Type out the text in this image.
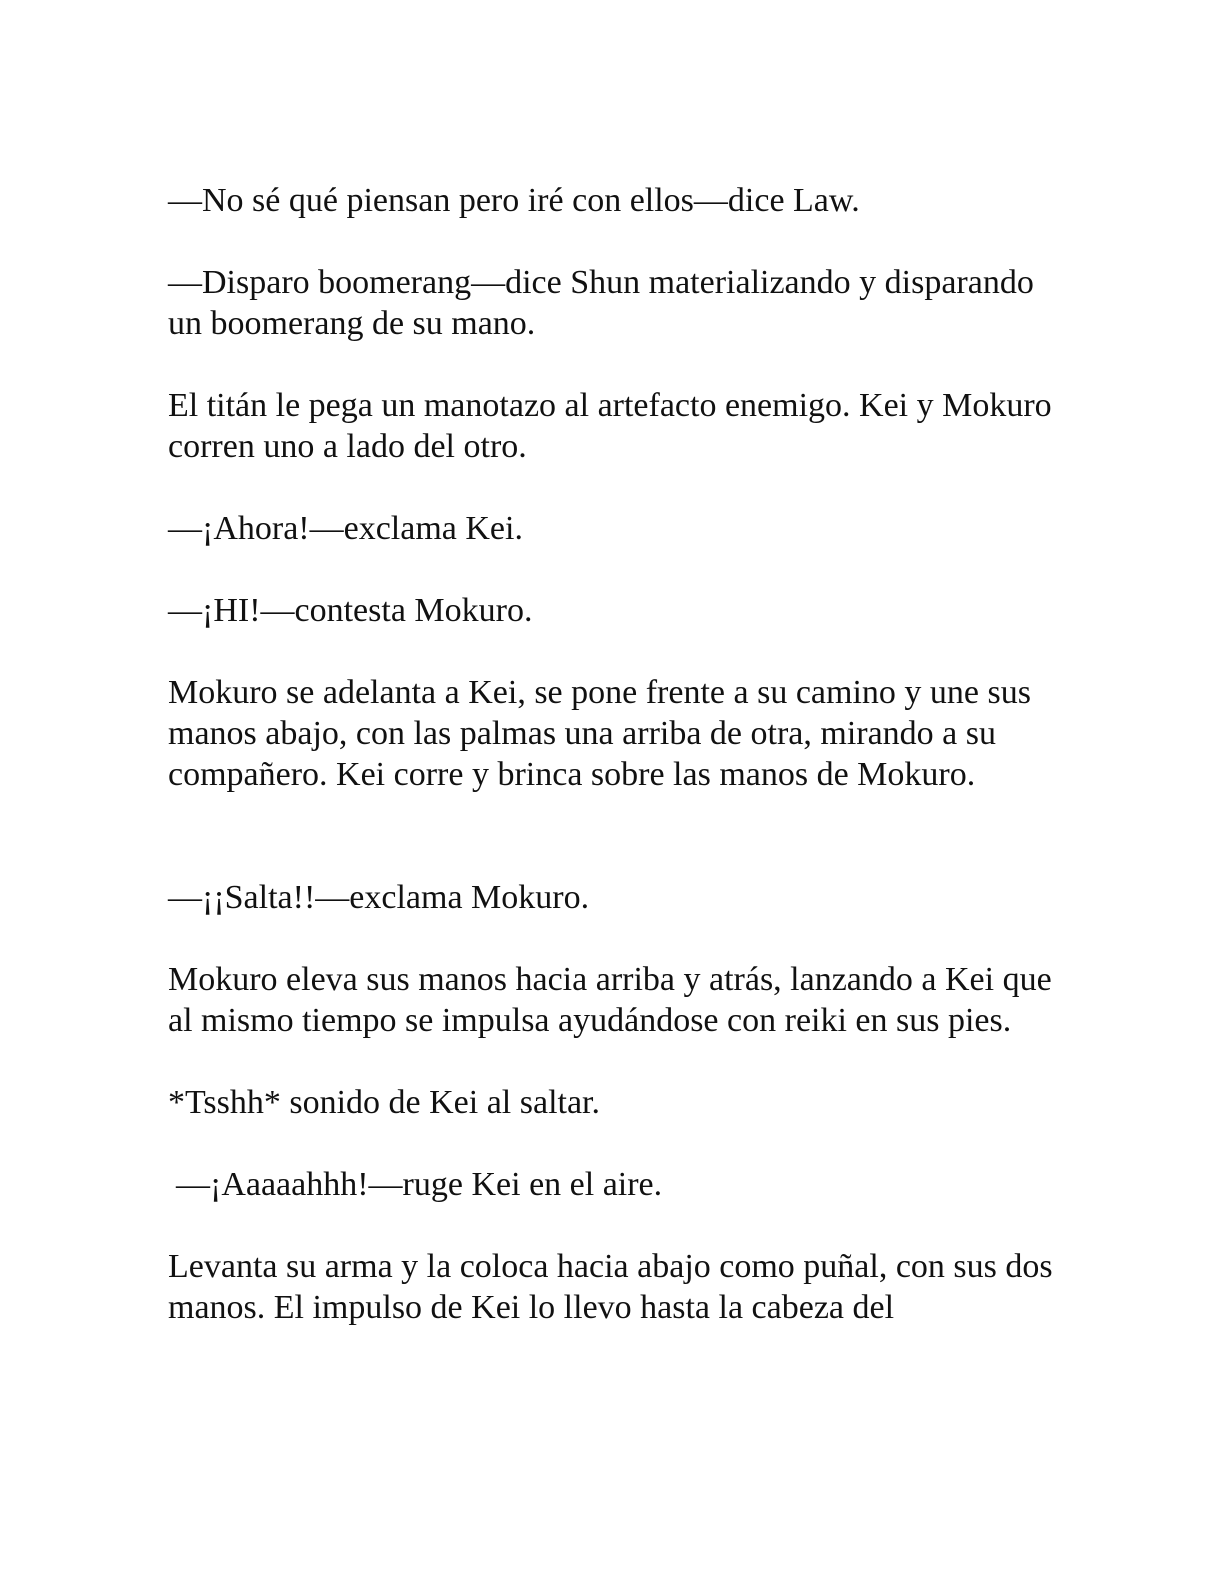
—No sé qué piensan pero iré con ellos—dice Law.

—Disparo boomerang—dice Shun materializando y disparando un boomerang de su mano.

El titán le pega un manotazo al artefacto enemigo. Kei y Mokuro corren uno a lado del otro.

—¡Ahora!—exclama Kei.

—¡HI!—contesta Mokuro.

Mokuro se adelanta a Kei, se pone frente a su camino y une sus manos abajo, con las palmas una arriba de otra, mirando a su compañero. Kei corre y brinca sobre las manos de Mokuro.

—¡¡Salta!!—exclama Mokuro.

Mokuro eleva sus manos hacia arriba y atrás, lanzando a Kei que al mismo tiempo se impulsa ayudándose con reiki en sus pies.

*Tsshh* sonido de Kei al saltar.

—¡Aaaaahhh!—ruge Kei en el aire.

Levanta su arma y la coloca hacia abajo como puñal, con sus dos manos. El impulso de Kei lo llevo hasta la cabeza del
